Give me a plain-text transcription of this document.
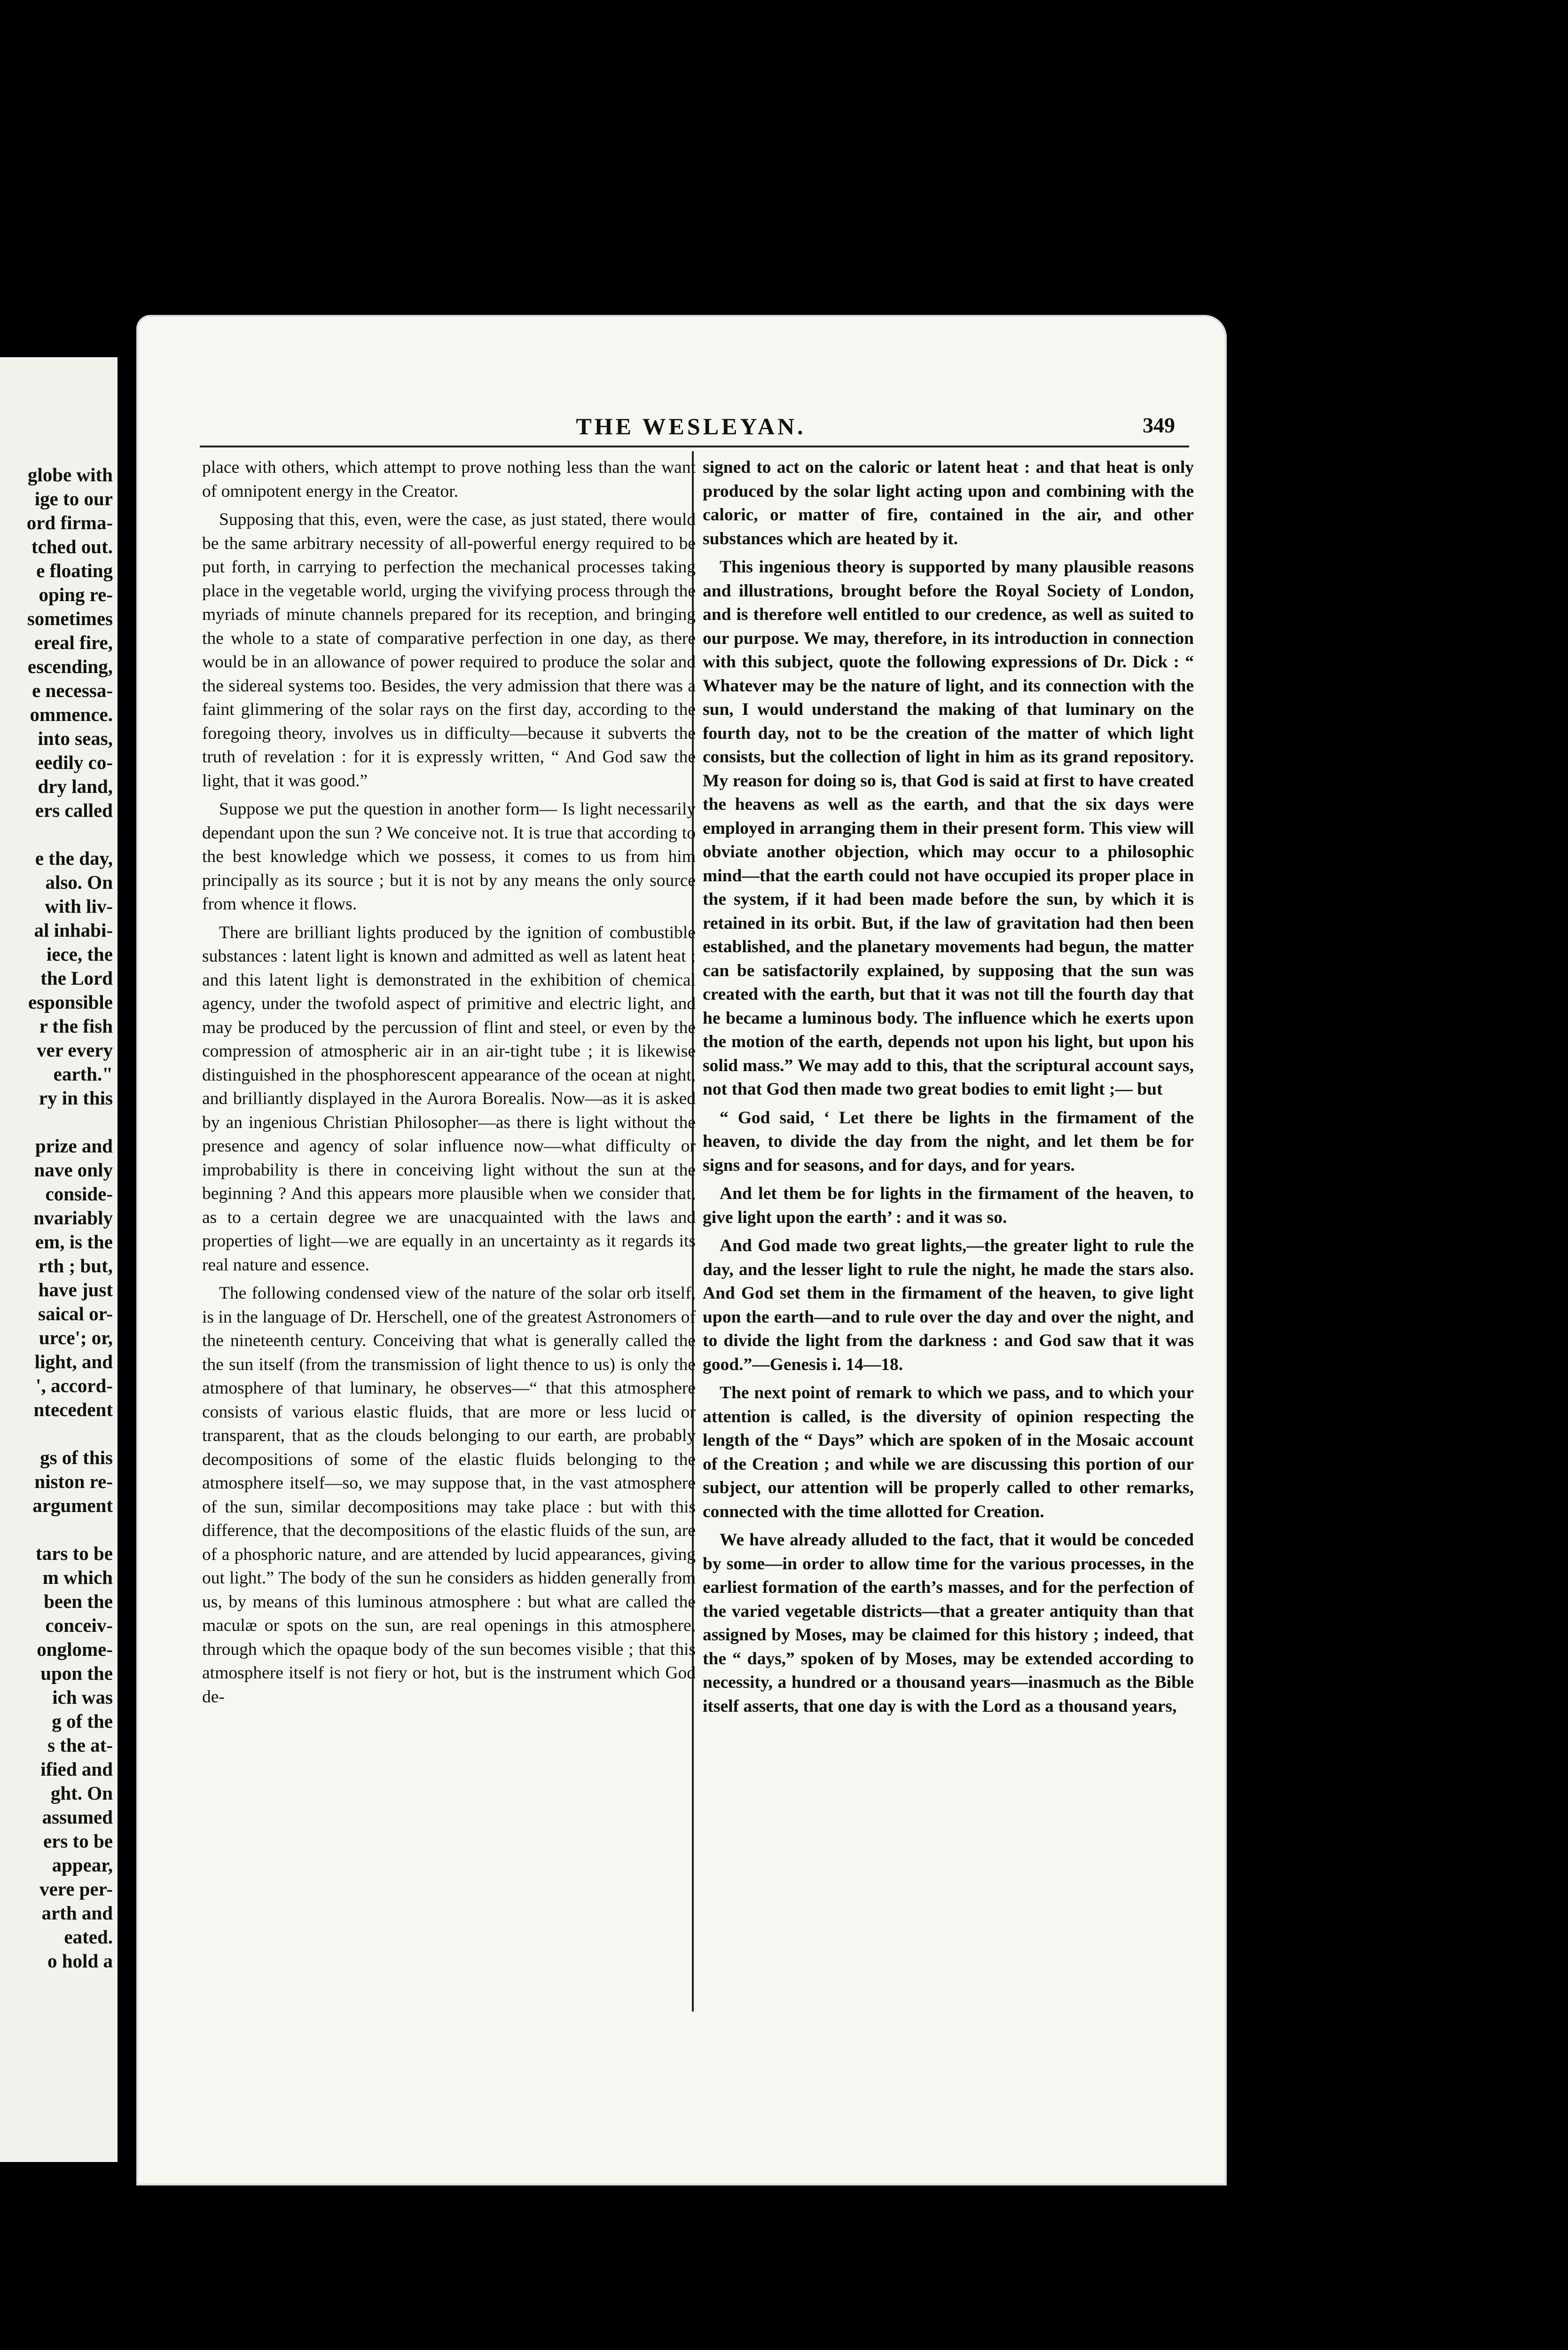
globe with
ige to our
ord firma-
tched out.
e floating
oping re-
sometimes
ereal fire,
escending,
e necessa-
ommence.
into seas,
eedily co-
dry land,
ers called
e the day,
also. On
with liv-
al inhabi-
iece, the
the Lord
esponsible
r the fish
ver every
earth."
ry in this
prize and
nave only
conside-
nvariably
em, is the
rth ; but,
have just
saical or-
urce'; or,
light, and
', accord-
ntecedent
gs of this
niston re-
argument
tars to be
m which
been the
conceiv-
onglome-
upon the
ich was
g of the
s the at-
ified and
ght. On
assumed
ers to be
appear,
vere per-
arth and
eated.
o hold a
THE WESLEYAN.	349

place with others, which attempt to prove nothing less than the want of omnipotent energy in the Creator.

Supposing that this, even, were the case, as just stated, there would be the same arbitrary necessity of all-powerful energy required to be put forth, in carrying to perfection the mechanical processes taking place in the vegetable world, urging the vivifying process through the myriads of minute channels prepared for its reception, and bringing the whole to a state of comparative perfection in one day, as there would be in an allowance of power required to produce the solar and the sidereal systems too. Besides, the very admission that there was a faint glimmering of the solar rays on the first day, according to the foregoing theory, involves us in difficulty—because it subverts the truth of revelation : for it is expressly written, “ And God saw the light, that it was good.”

Suppose we put the question in another form— Is light necessarily dependant upon the sun ? We conceive not. It is true that according to the best knowledge which we possess, it comes to us from him principally as its source ; but it is not by any means the only source from whence it flows.

There are brilliant lights produced by the ignition of combustible substances : latent light is known and admitted as well as latent heat ; and this latent light is demonstrated in the exhibition of chemical agency, under the twofold aspect of primitive and electric light, and may be produced by the percussion of flint and steel, or even by the compression of atmospheric air in an air-tight tube ; it is likewise distinguished in the phosphorescent appearance of the ocean at night, and brilliantly displayed in the Aurora Borealis. Now—as it is asked by an ingenious Christian Philosopher—as there is light without the presence and agency of solar influence now—what difficulty or improbability is there in conceiving light without the sun at the beginning ? And this appears more plausible when we consider that, as to a certain degree we are unacquainted with the laws and properties of light—we are equally in an uncertainty as it regards its real nature and essence.

The following condensed view of the nature of the solar orb itself, is in the language of Dr. Herschell, one of the greatest Astronomers of the nineteenth century. Conceiving that what is generally called the the sun itself (from the transmission of light thence to us) is only the atmosphere of that luminary, he observes—“ that this atmosphere consists of various elastic fluids, that are more or less lucid or transparent, that as the clouds belonging to our earth, are probably decompositions of some of the elastic fluids belonging to the atmosphere itself—so, we may suppose that, in the vast atmosphere of the sun, similar decompositions may take place : but with this difference, that the decompositions of the elastic fluids of the sun, are of a phosphoric nature, and are attended by lucid appearances, giving out light.” The body of the sun he considers as hidden generally from us, by means of this luminous atmosphere : but what are called the maculæ or spots on the sun, are real openings in this atmosphere, through which the opaque body of the sun becomes visible ; that this atmosphere itself is not fiery or hot, but is the instrument which God de-

signed to act on the caloric or latent heat : and that heat is only produced by the solar light acting upon and combining with the caloric, or matter of fire, contained in the air, and other substances which are heated by it.

This ingenious theory is supported by many plausible reasons and illustrations, brought before the Royal Society of London, and is therefore well entitled to our credence, as well as suited to our purpose. We may, therefore, in its introduction in connection with this subject, quote the following expressions of Dr. Dick : “ Whatever may be the nature of light, and its connection with the sun, I would understand the making of that luminary on the fourth day, not to be the creation of the matter of which light consists, but the collection of light in him as its grand repository. My reason for doing so is, that God is said at first to have created the heavens as well as the earth, and that the six days were employed in arranging them in their present form. This view will obviate another objection, which may occur to a philosophic mind—that the earth could not have occupied its proper place in the system, if it had been made before the sun, by which it is retained in its orbit. But, if the law of gravitation had then been established, and the planetary movements had begun, the matter can be satisfactorily explained, by supposing that the sun was created with the earth, but that it was not till the fourth day that he became a luminous body. The influence which he exerts upon the motion of the earth, depends not upon his light, but upon his solid mass.” We may add to this, that the scriptural account says, not that God then made two great bodies to emit light ;— but

“ God said, ‘ Let there be lights in the firmament of the heaven, to divide the day from the night, and let them be for signs and for seasons, and for days, and for years.

And let them be for lights in the firmament of the heaven, to give light upon the earth’ : and it was so.

And God made two great lights,—the greater light to rule the day, and the lesser light to rule the night, he made the stars also. And God set them in the firmament of the heaven, to give light upon the earth—and to rule over the day and over the night, and to divide the light from the darkness : and God saw that it was good.”—Genesis i. 14—18.

The next point of remark to which we pass, and to which your attention is called, is the diversity of opinion respecting the length of the “ Days” which are spoken of in the Mosaic account of the Creation ; and while we are discussing this portion of our subject, our attention will be properly called to other remarks, connected with the time allotted for Creation.

We have already alluded to the fact, that it would be conceded by some—in order to allow time for the various processes, in the earliest formation of the earth’s masses, and for the perfection of the varied vegetable districts—that a greater antiquity than that assigned by Moses, may be claimed for this history ; indeed, that the “ days,” spoken of by Moses, may be extended according to necessity, a hundred or a thousand years—inasmuch as the Bible itself asserts, that one day is with the Lord as a thousand years,
